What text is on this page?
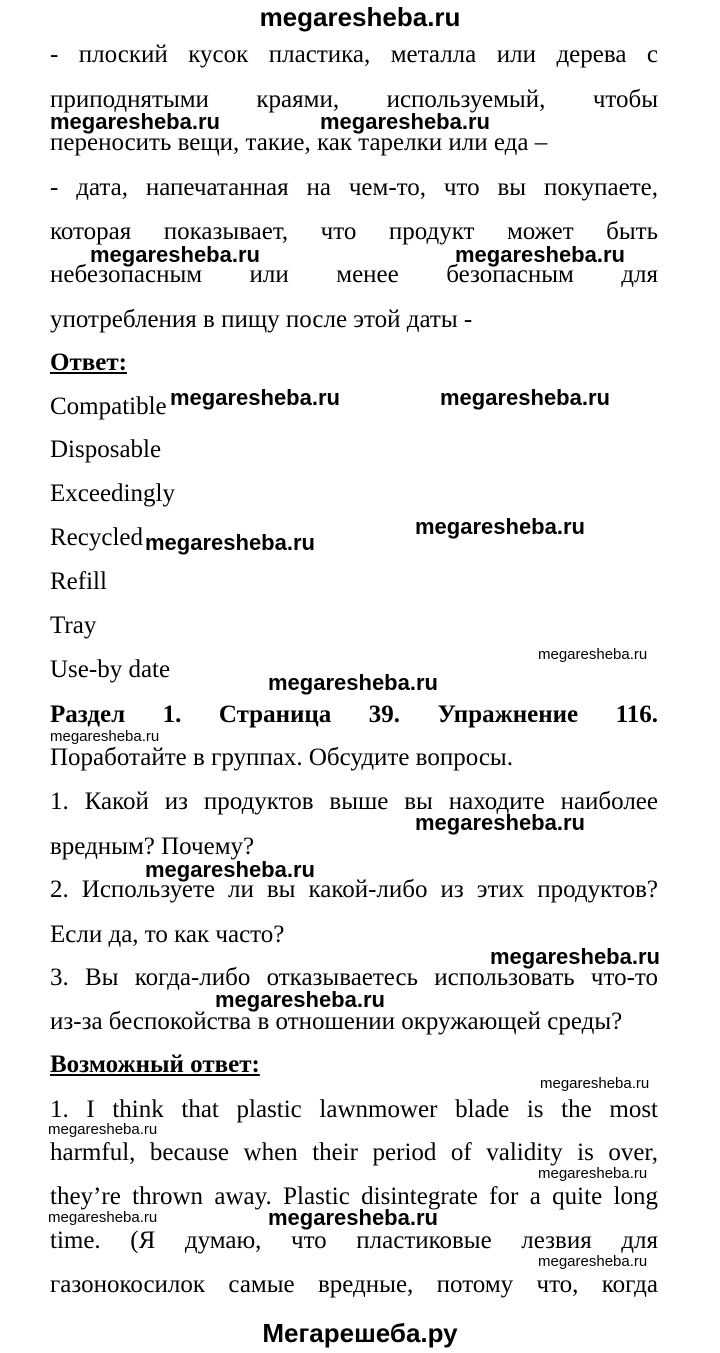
megaresheba.ru
- плоский кусок пластика, металла или дерева с
приподнятыми краями, используемый, чтобы
переносить вещи, такие, как тарелки или еда –
- дата, напечатанная на чем-то, что вы покупаете,
которая показывает, что продукт может быть
небезопасным или менее безопасным для
употребления в пищу после этой даты -
Ответ:
Compatible
Disposable
Exceedingly
Recycled
Refill
Tray
Use-by date
Раздел 1. Страница 39. Упражнение 116.
Поработайте в группах. Обсудите вопросы.
1. Какой из продуктов выше вы находите наиболее
вредным? Почему?
2. Используете ли вы какой-либо из этих продуктов?
Если да, то как часто?
3. Вы когда-либо отказываетесь использовать что-то
из-за беспокойства в отношении окружающей среды?
Возможный ответ:
1. I think that plastic lawnmower blade is the most
harmful, because when their period of validity is over,
they’re thrown away. Plastic disintegrate for a quite long
time. (Я думаю, что пластиковые лезвия для
газонокосилок самые вредные, потому что, когда
megaresheba.ru	megaresheba.ru
megaresheba.ru	megaresheba.ru
megaresheba.ru	megaresheba.ru
megaresheba.ru
megaresheba.ru
megaresheba.ru
megaresheba.ru
megaresheba.ru
megaresheba.ru
megaresheba.ru
megaresheba.ru
megaresheba.ru
megaresheba.ru
megaresheba.ru
megaresheba.ru
megaresheba.ru	megaresheba.ru
megaresheba.ru
Мегарешеба.ру
